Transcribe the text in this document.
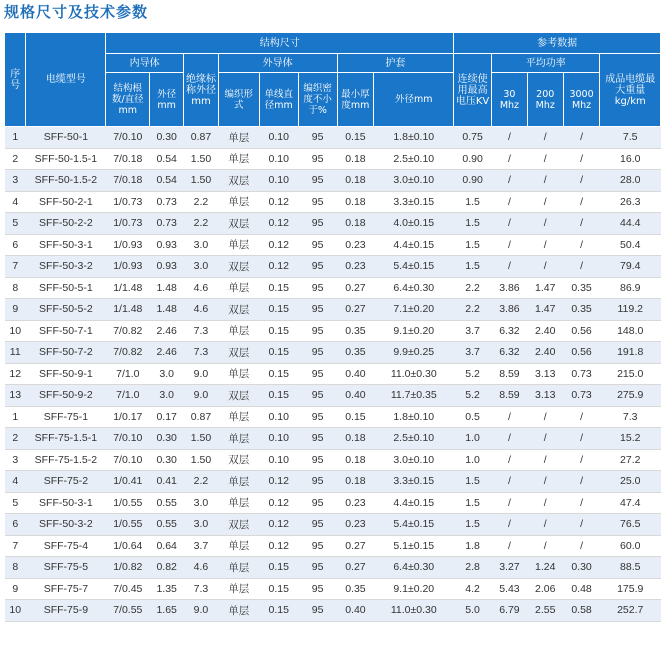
规格尺寸及技术参数
序号	电缆型号	结构尺寸								参考数据				
		内导体		绝缘标称外径mm	外导体			护套		连续使用最高电压KV	平均功率			成品电缆最大重量kg/km
		结构根数/直径mm	外径mm		编织形式	单线直径mm	编织密度不小于%	最小厚度mm	外径mm		30 Mhz	200 Mhz	3000 Mhz	
1	SFF-50-1	7/0.10	0.30	0.87	单层	0.10	95	0.15	1.8±0.10	0.75	/	/	/	7.5
2	SFF-50-1.5-1	7/0.18	0.54	1.50	单层	0.10	95	0.18	2.5±0.10	0.90	/	/	/	16.0
3	SFF-50-1.5-2	7/0.18	0.54	1.50	双层	0.10	95	0.18	3.0±0.10	0.90	/	/	/	28.0
4	SFF-50-2-1	1/0.73	0.73	2.2	单层	0.12	95	0.18	3.3±0.15	1.5	/	/	/	26.3
5	SFF-50-2-2	1/0.73	0.73	2.2	双层	0.12	95	0.18	4.0±0.15	1.5	/	/	/	44.4
6	SFF-50-3-1	1/0.93	0.93	3.0	单层	0.12	95	0.23	4.4±0.15	1.5	/	/	/	50.4
7	SFF-50-3-2	1/0.93	0.93	3.0	双层	0.12	95	0.23	5.4±0.15	1.5	/	/	/	79.4
8	SFF-50-5-1	1/1.48	1.48	4.6	单层	0.15	95	0.27	6.4±0.30	2.2	3.86	1.47	0.35	86.9
9	SFF-50-5-2	1/1.48	1.48	4.6	双层	0.15	95	0.27	7.1±0.20	2.2	3.86	1.47	0.35	119.2
10	SFF-50-7-1	7/0.82	2.46	7.3	单层	0.15	95	0.35	9.1±0.20	3.7	6.32	2.40	0.56	148.0
11	SFF-50-7-2	7/0.82	2.46	7.3	双层	0.15	95	0.35	9.9±0.25	3.7	6.32	2.40	0.56	191.8
12	SFF-50-9-1	7/1.0	3.0	9.0	单层	0.15	95	0.40	11.0±0.30	5.2	8.59	3.13	0.73	215.0
13	SFF-50-9-2	7/1.0	3.0	9.0	双层	0.15	95	0.40	11.7±0.35	5.2	8.59	3.13	0.73	275.9
1	SFF-75-1	1/0.17	0.17	0.87	单层	0.10	95	0.15	1.8±0.10	0.5	/	/	/	7.3
2	SFF-75-1.5-1	7/0.10	0.30	1.50	单层	0.10	95	0.18	2.5±0.10	1.0	/	/	/	15.2
3	SFF-75-1.5-2	7/0.10	0.30	1.50	双层	0.10	95	0.18	3.0±0.10	1.0	/	/	/	27.2
4	SFF-75-2	1/0.41	0.41	2.2	单层	0.12	95	0.18	3.3±0.15	1.5	/	/	/	25.0
5	SFF-50-3-1	1/0.55	0.55	3.0	单层	0.12	95	0.23	4.4±0.15	1.5	/	/	/	47.4
6	SFF-50-3-2	1/0.55	0.55	3.0	双层	0.12	95	0.23	5.4±0.15	1.5	/	/	/	76.5
7	SFF-75-4	1/0.64	0.64	3.7	单层	0.12	95	0.27	5.1±0.15	1.8	/	/	/	60.0
8	SFF-75-5	1/0.82	0.82	4.6	单层	0.15	95	0.27	6.4±0.30	2.8	3.27	1.24	0.30	88.5
9	SFF-75-7	7/0.45	1.35	7.3	单层	0.15	95	0.35	9.1±0.20	4.2	5.43	2.06	0.48	175.9
10	SFF-75-9	7/0.55	1.65	9.0	单层	0.15	95	0.40	11.0±0.30	5.0	6.79	2.55	0.58	252.7
